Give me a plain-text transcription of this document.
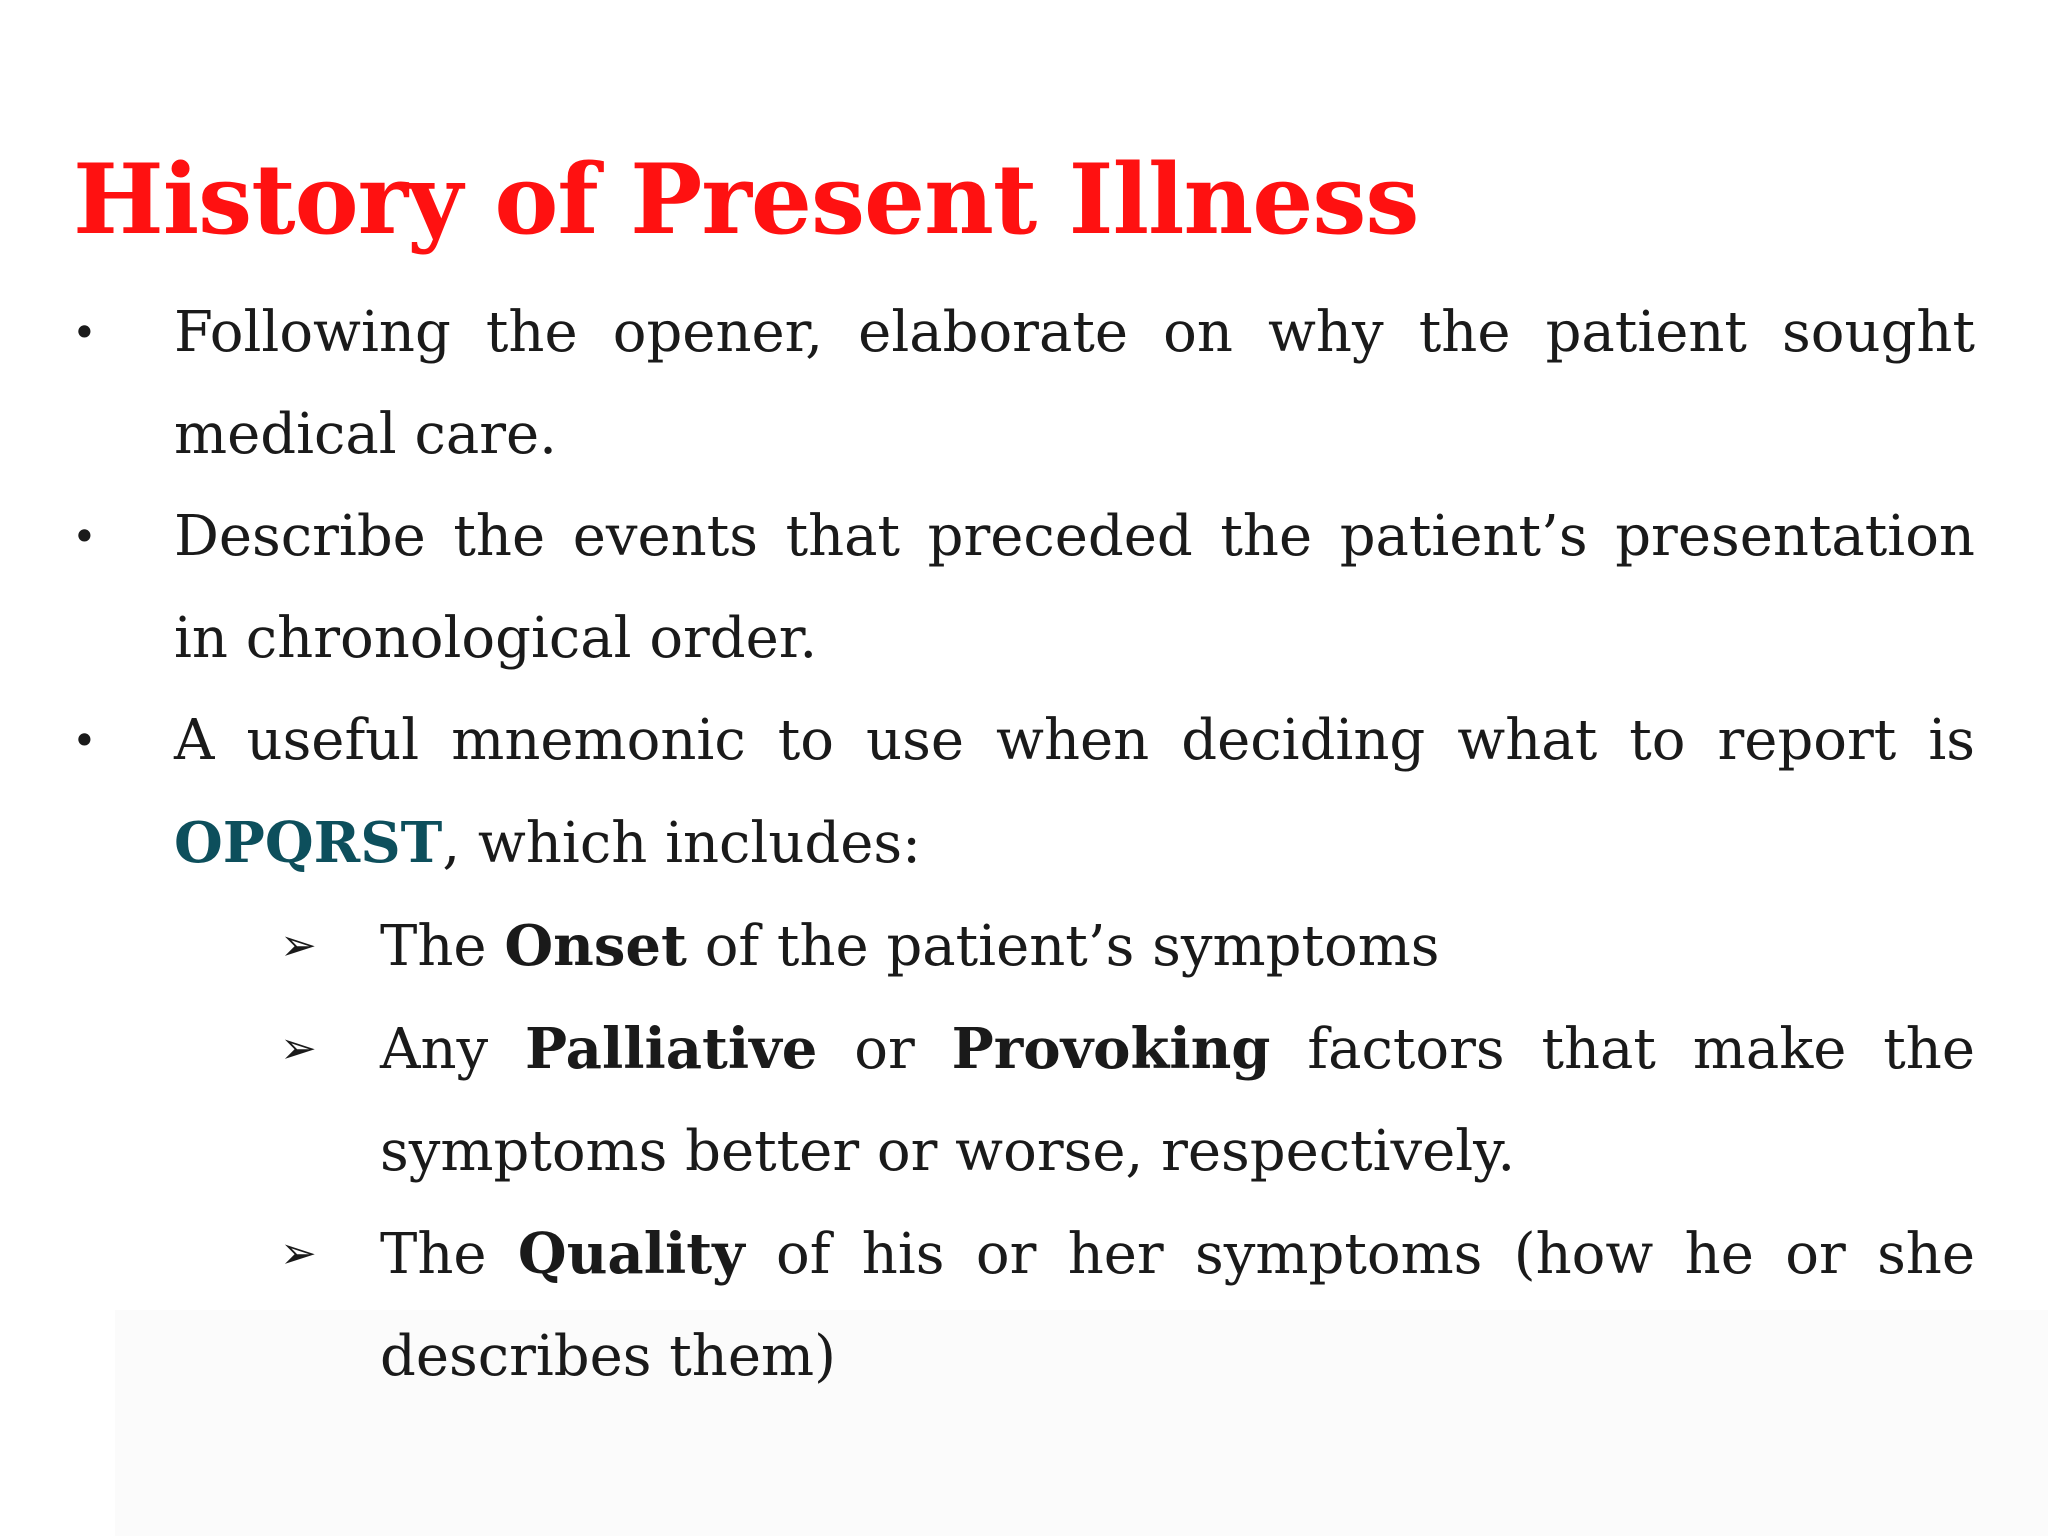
History of Present Illness
• Following the opener, elaborate on why the patient sought medical care.
• Describe the events that preceded the patient’s presentation in chronological order.
• A useful mnemonic to use when deciding what to report is OPQRST, which includes:
➢ The Onset of the patient’s symptoms
➢ Any Palliative or Provoking factors that make the symptoms better or worse, respectively.
➢ The Quality of his or her symptoms (how he or she describes them)
